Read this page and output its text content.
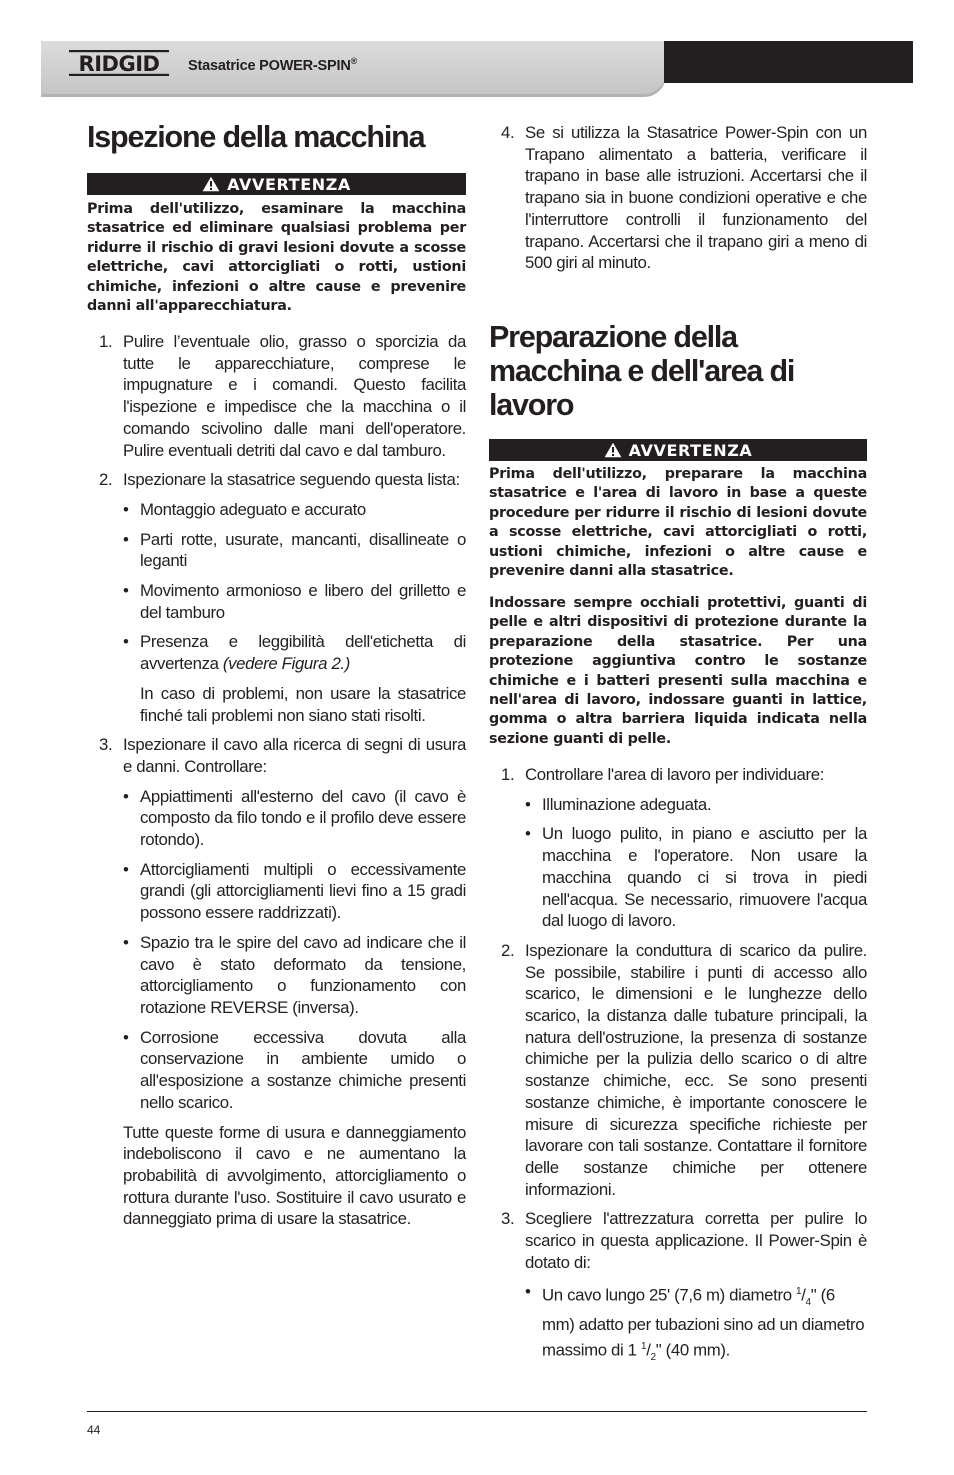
RIDGID Stasatrice POWER-SPIN®
Ispezione della macchina
AVVERTENZA

Prima dell'utilizzo, esaminare la macchina stasatrice ed eliminare qualsiasi problema per ridurre il rischio di gravi lesioni dovute a scosse elettriche, cavi attorcigliati o rotti, ustioni chimiche, infezioni o altre cause e prevenire danni all'apparecchiatura.

1. Pulire l’eventuale olio, grasso o sporcizia da tutte le apparecchiature, comprese le impugnature e i comandi. Questo facilita l'ispezione e impedisce che la macchina o il comando scivolino dalle mani dell'operatore. Pulire eventuali detriti dal cavo e dal tamburo.
2. Ispezionare la stasatrice seguendo questa lista:
• Montaggio adeguato e accurato
• Parti rotte, usurate, mancanti, disallineate o leganti
• Movimento armonioso e libero del grilletto e del tamburo
• Presenza e leggibilità dell'etichetta di avvertenza (vedere Figura 2.)
In caso di problemi, non usare la stasatrice finché tali problemi non siano stati risolti.
3. Ispezionare il cavo alla ricerca di segni di usura e danni. Controllare:
• Appiattimenti all'esterno del cavo (il cavo è composto da filo tondo e il profilo deve essere rotondo).
• Attorcigliamenti multipli o eccessivamente grandi (gli attorcigliamenti lievi fino a 15 gradi possono essere raddrizzati).
• Spazio tra le spire del cavo ad indicare che il cavo è stato deformato da tensione, attorcigliamento o funzionamento con rotazione REVERSE (inversa).
• Corrosione eccessiva dovuta alla conservazione in ambiente umido o all'esposizione a sostanze chimiche presenti nello scarico.
Tutte queste forme di usura e danneggiamento indeboliscono il cavo e ne aumentano la probabilità di avvolgimento, attorcigliamento o rottura durante l'uso. Sostituire il cavo usurato e danneggiato prima di usare la stasatrice.
4. Se si utilizza la Stasatrice Power-Spin con un Trapano alimentato a batteria, verificare il trapano in base alle istruzioni. Accertarsi che il trapano sia in buone condizioni operative e che l'interruttore controlli il funzionamento del trapano. Accertarsi che il trapano giri a meno di 500 giri al minuto.
Preparazione della macchina e dell'area di lavoro
AVVERTENZA

Prima dell'utilizzo, preparare la macchina stasatrice e l'area di lavoro in base a queste procedure per ridurre il rischio di lesioni dovute a scosse elettriche, cavi attorcigliati o rotti, ustioni chimiche, infezioni o altre cause e prevenire danni alla stasatrice.

Indossare sempre occhiali protettivi, guanti di pelle e altri dispositivi di protezione durante la preparazione della stasatrice. Per una protezione aggiuntiva contro le sostanze chimiche e i batteri presenti sulla macchina e nell'area di lavoro, indossare guanti in lattice, gomma o altra barriera liquida indicata nella sezione guanti di pelle.

1. Controllare l'area di lavoro per individuare:
• Illuminazione adeguata.
• Un luogo pulito, in piano e asciutto per la macchina e l'operatore. Non usare la macchina quando ci si trova in piedi nell'acqua. Se necessario, rimuovere l'acqua dal luogo di lavoro.
2. Ispezionare la conduttura di scarico da pulire. Se possibile, stabilire i punti di accesso allo scarico, le dimensioni e le lunghezze dello scarico, la distanza dalle tubature principali, la natura dell'ostruzione, la presenza di sostanze chimiche per la pulizia dello scarico o di altre sostanze chimiche, ecc. Se sono presenti sostanze chimiche, è importante conoscere le misure di sicurezza specifiche richieste per lavorare con tali sostanze. Contattare il fornitore delle sostanze chimiche per ottenere informazioni.
3. Scegliere l'attrezzatura corretta per pulire lo scarico in questa applicazione. Il Power-Spin è dotato di:
• Un cavo lungo 25' (7,6 m) diametro $^1/_4$" (6 mm) adatto per tubazioni sino ad un diametro massimo di 1 $^1/_2$" (40 mm).
44
